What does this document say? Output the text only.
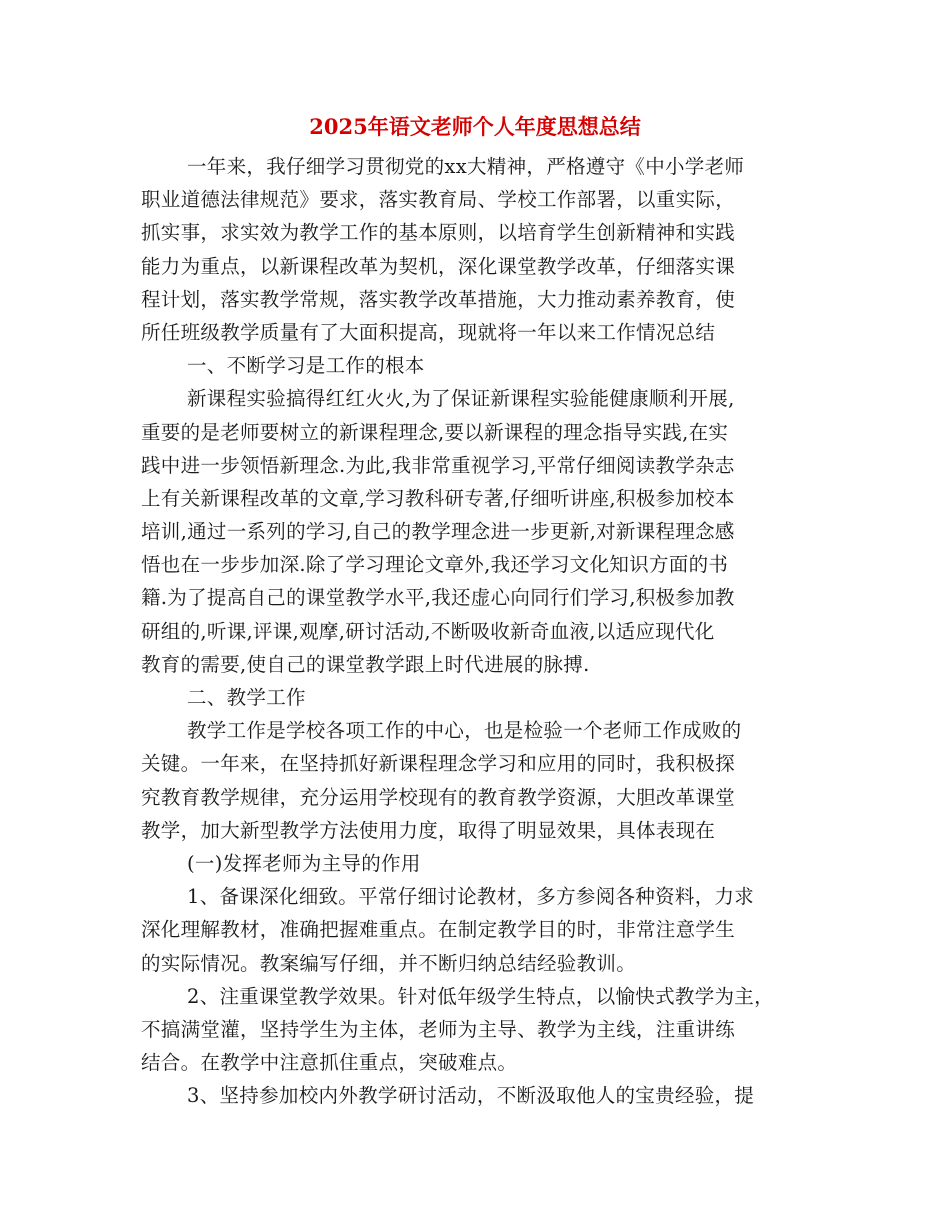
2025年语文老师个人年度思想总结
一年来，我仔细学习贯彻党的xx大精神，严格遵守《中小学老师
职业道德法律规范》要求，落实教育局、学校工作部署，以重实际，
抓实事，求实效为教学工作的基本原则，以培育学生创新精神和实践
能力为重点，以新课程改革为契机，深化课堂教学改革，仔细落实课
程计划，落实教学常规，落实教学改革措施，大力推动素养教育，使
所任班级教学质量有了大面积提高，现就将一年以来工作情况总结
一、不断学习是工作的根本
新课程实验搞得红红火火,为了保证新课程实验能健康顺利开展,
重要的是老师要树立的新课程理念,要以新课程的理念指导实践,在实
践中进一步领悟新理念.为此,我非常重视学习,平常仔细阅读教学杂志
上有关新课程改革的文章,学习教科研专著,仔细听讲座,积极参加校本
培训,通过一系列的学习,自己的教学理念进一步更新,对新课程理念感
悟也在一步步加深.除了学习理论文章外,我还学习文化知识方面的书
籍.为了提高自己的课堂教学水平,我还虚心向同行们学习,积极参加教
研组的,听课,评课,观摩,研讨活动,不断吸收新奇血液,以适应现代化
教育的需要,使自己的课堂教学跟上时代进展的脉搏.
二、教学工作
教学工作是学校各项工作的中心，也是检验一个老师工作成败的
关键。一年来，在坚持抓好新课程理念学习和应用的同时，我积极探
究教育教学规律，充分运用学校现有的教育教学资源，大胆改革课堂
教学，加大新型教学方法使用力度，取得了明显效果，具体表现在
(一)发挥老师为主导的作用
1、备课深化细致。平常仔细讨论教材，多方参阅各种资料，力求
深化理解教材，准确把握难重点。在制定教学目的时，非常注意学生
的实际情况。教案编写仔细，并不断归纳总结经验教训。
2、注重课堂教学效果。针对低年级学生特点，以愉快式教学为主，
不搞满堂灌，坚持学生为主体，老师为主导、教学为主线，注重讲练
结合。在教学中注意抓住重点，突破难点。
3、坚持参加校内外教学研讨活动，不断汲取他人的宝贵经验，提
